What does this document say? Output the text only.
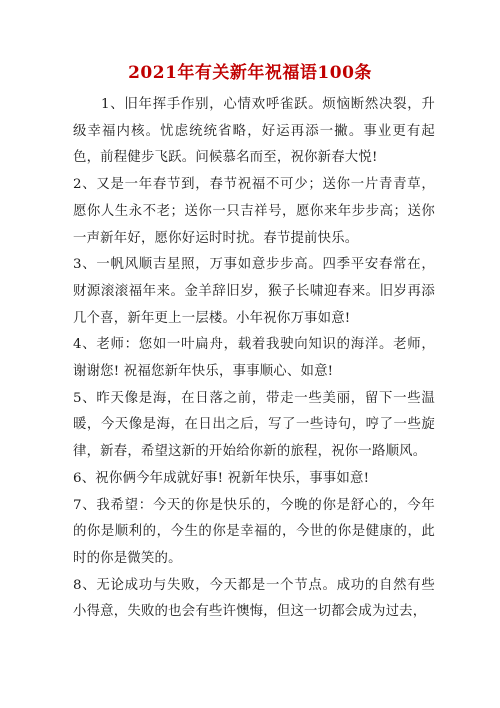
2021年有关新年祝福语100条

1、旧年挥手作别，心情欢呼雀跃。烦恼断然决裂，升级幸福内核。忧虑统统省略，好运再添一撇。事业更有起色，前程健步飞跃。问候慕名而至，祝你新春大悦!

2、又是一年春节到，春节祝福不可少；送你一片青青草，愿你人生永不老；送你一只吉祥号，愿你来年步步高；送你一声新年好，愿你好运时时扰。春节提前快乐。

3、一帆风顺吉星照，万事如意步步高。四季平安春常在，财源滚滚福年来。金羊辞旧岁，猴子长啸迎春来。旧岁再添几个喜，新年更上一层楼。小年祝你万事如意!

4、老师：您如一叶扁舟，载着我驶向知识的海洋。老师，谢谢您! 祝福您新年快乐，事事顺心、如意!

5、昨天像是海，在日落之前，带走一些美丽，留下一些温暖，今天像是海，在日出之后，写了一些诗句，哼了一些旋律，新春，希望这新的开始给你新的旅程，祝你一路顺风。

6、祝你俩今年成就好事! 祝新年快乐，事事如意!

7、我希望：今天的你是快乐的，今晚的你是舒心的，今年的你是顺利的，今生的你是幸福的，今世的你是健康的，此时的你是微笑的。

8、无论成功与失败，今天都是一个节点。成功的自然有些小得意，失败的也会有些许懊悔，但这一切都会成为过去，
